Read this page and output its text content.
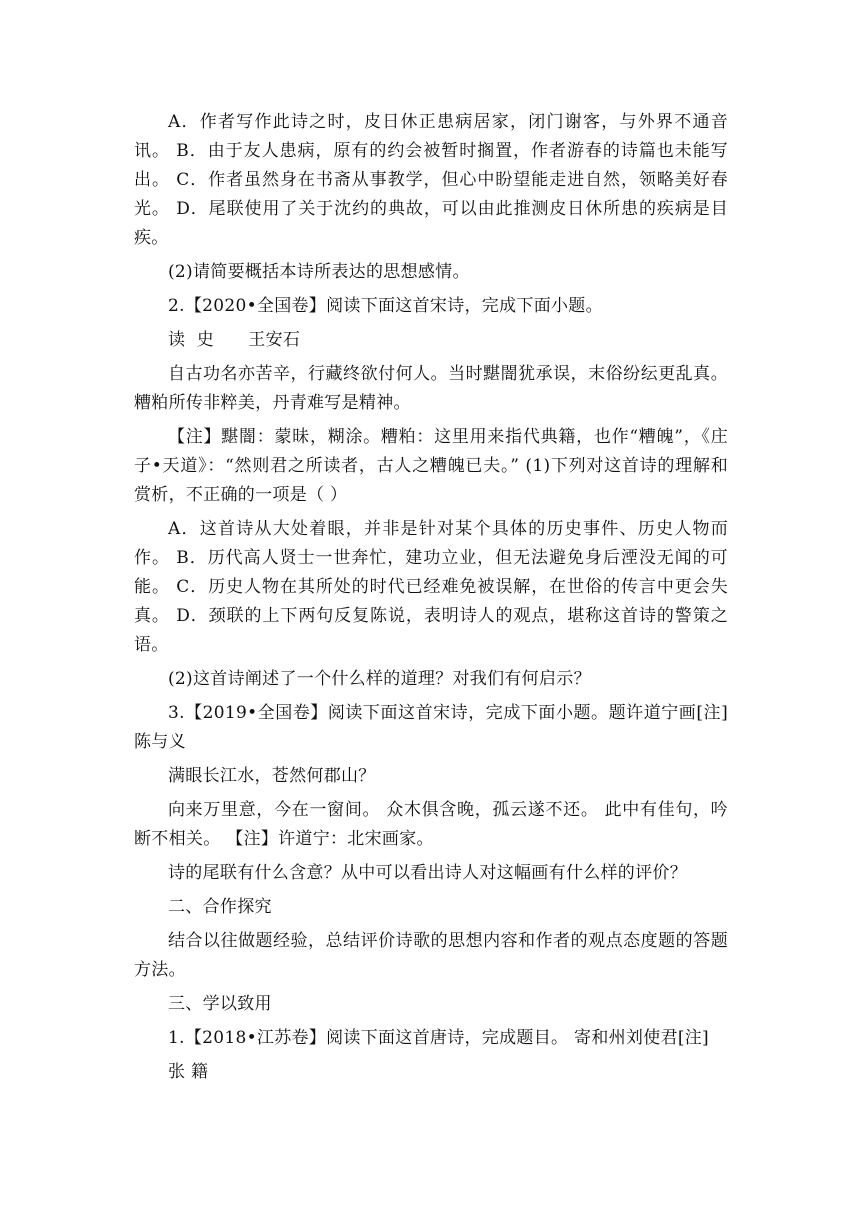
A．作者写作此诗之时，皮日休正患病居家，闭门谢客，与外界不通音讯。 B．由于友人患病，原有的约会被暂时搁置，作者游春的诗篇也未能写出。 C．作者虽然身在书斋从事教学，但心中盼望能走进自然，领略美好春光。 D．尾联使用了关于沈约的典故，可以由此推测皮日休所患的疾病是目疾。

(2)请简要概括本诗所表达的思想感情。

2.【2020•全国卷】阅读下面这首宋诗，完成下面小题。

读  史      王安石

自古功名亦苦辛，行藏终欲付何人。当时黮闇犹承误，末俗纷纭更乱真。糟粕所传非粹美，丹青难写是精神。

【注】黮闇：蒙昧，糊涂。糟粕：这里用来指代典籍，也作“糟魄”，《庄子•天道》：“然则君之所读者，古人之糟魄已夫。” (1)下列对这首诗的理解和赏析，不正确的一项是（ ）

A．这首诗从大处着眼，并非是针对某个具体的历史事件、历史人物而作。 B．历代高人贤士一世奔忙，建功立业，但无法避免身后湮没无闻的可能。 C．历史人物在其所处的时代已经难免被误解，在世俗的传言中更会失真。 D．颈联的上下两句反复陈说，表明诗人的观点，堪称这首诗的警策之语。

(2)这首诗阐述了一个什么样的道理？对我们有何启示？

3.【2019•全国卷】阅读下面这首宋诗，完成下面小题。题许道宁画[注]    陈与义

满眼长江水，苍然何郡山？

向来万里意，今在一窗间。 众木俱含晚，孤云遂不还。 此中有佳句，吟断不相关。 【注】许道宁：北宋画家。

诗的尾联有什么含意？从中可以看出诗人对这幅画有什么样的评价？

二、合作探究

结合以往做题经验，总结评价诗歌的思想内容和作者的观点态度题的答题方法。

三、学以致用

1.【2018•江苏卷】阅读下面这首唐诗，完成题目。 寄和州刘使君[注]

张 籍
